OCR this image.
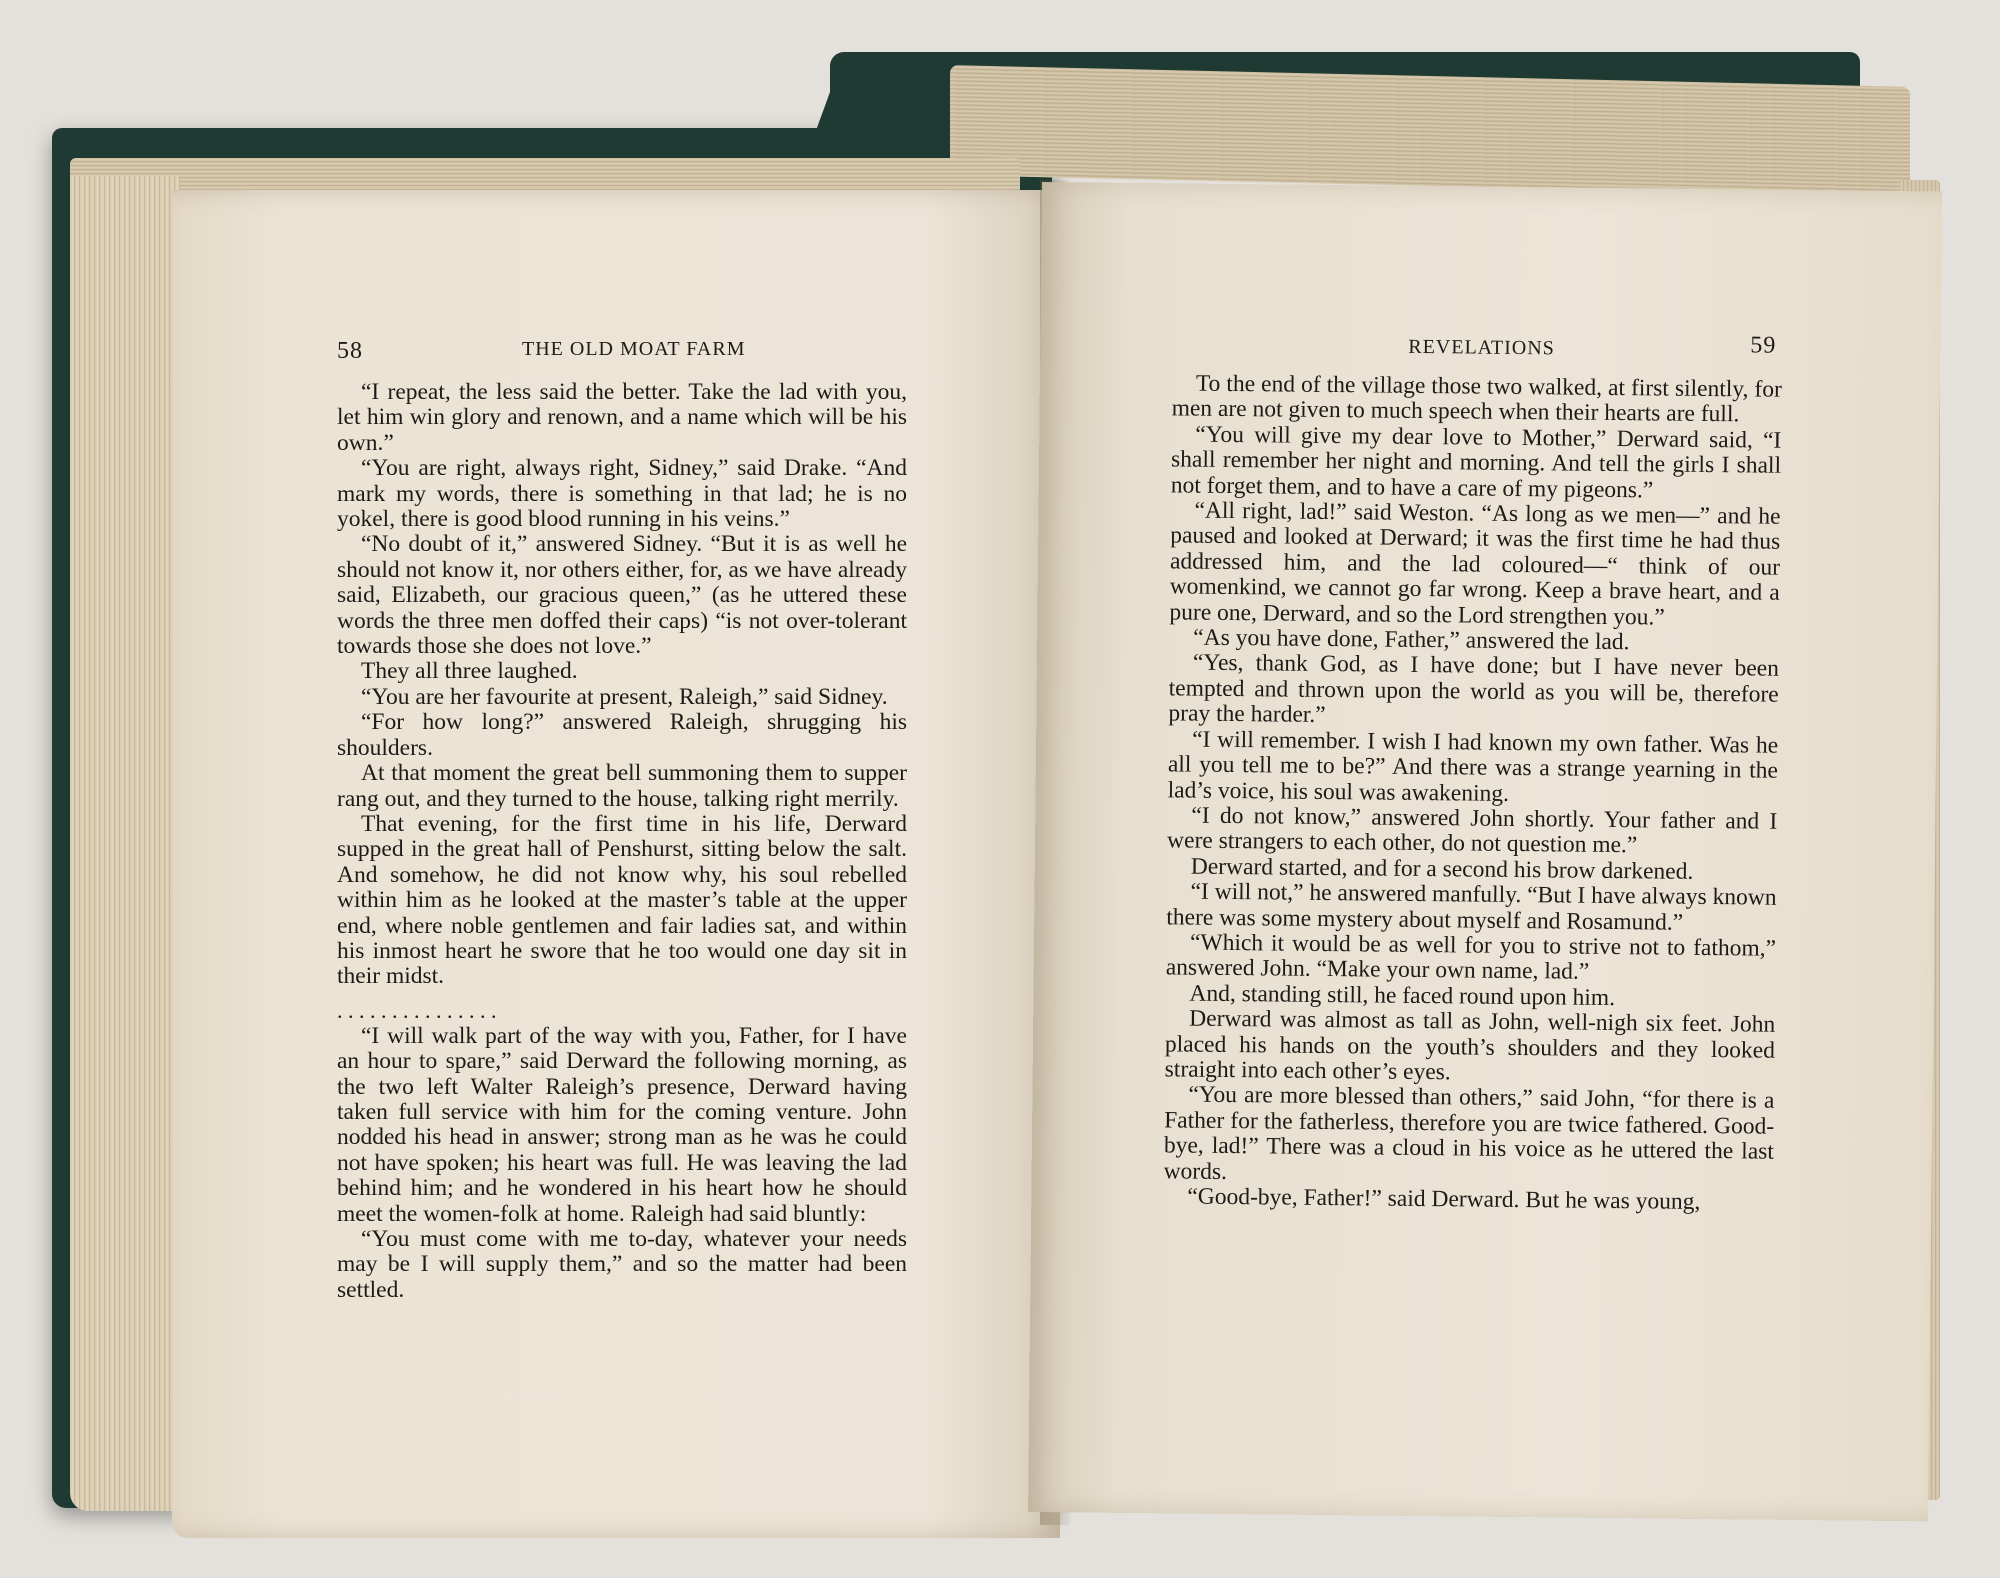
58	THE OLD MOAT FARM

“I repeat, the less said the better. Take the lad with you, let him win glory and renown, and a name which will be his own.”

“You are right, always right, Sidney,” said Drake. “And mark my words, there is something in that lad; he is no yokel, there is good blood running in his veins.”

“No doubt of it,” answered Sidney. “But it is as well he should not know it, nor others either, for, as we have already said, Elizabeth, our gracious queen,” (as he uttered these words the three men doffed their caps) “is not over-tolerant towards those she does not love.”

They all three laughed.

“You are her favourite at present, Raleigh,” said Sidney.

“For how long?” answered Raleigh, shrugging his shoulders.

At that moment the great bell summoning them to supper rang out, and they turned to the house, talking right merrily.

That evening, for the first time in his life, Derward supped in the great hall of Penshurst, sitting below the salt. And somehow, he did not know why, his soul rebelled within him as he looked at the master’s table at the upper end, where noble gentlemen and fair ladies sat, and within his inmost heart he swore that he too would one day sit in their midst.

. . . . . . . . . . . . . . .

“I will walk part of the way with you, Father, for I have an hour to spare,” said Derward the following morning, as the two left Walter Raleigh’s presence, Derward having taken full service with him for the coming venture. John nodded his head in answer; strong man as he was he could not have spoken; his heart was full. He was leaving the lad behind him; and he wondered in his heart how he should meet the women-folk at home. Raleigh had said bluntly:

“You must come with me to-day, whatever your needs may be I will supply them,” and so the matter had been settled.

REVELATIONS	59

To the end of the village those two walked, at first silently, for men are not given to much speech when their hearts are full.

“You will give my dear love to Mother,” Derward said, “I shall remember her night and morning. And tell the girls I shall not forget them, and to have a care of my pigeons.”

“All right, lad!” said Weston. “As long as we men—” and he paused and looked at Derward; it was the first time he had thus addressed him, and the lad coloured—“ think of our womenkind, we cannot go far wrong. Keep a brave heart, and a pure one, Derward, and so the Lord strengthen you.”

“As you have done, Father,” answered the lad.

“Yes, thank God, as I have done; but I have never been tempted and thrown upon the world as you will be, therefore pray the harder.”

“I will remember. I wish I had known my own father. Was he all you tell me to be?” And there was a strange yearning in the lad’s voice, his soul was awakening.

“I do not know,” answered John shortly. Your father and I were strangers to each other, do not question me.”

Derward started, and for a second his brow darkened.

“I will not,” he answered manfully. “But I have always known there was some mystery about myself and Rosamund.”

“Which it would be as well for you to strive not to fathom,” answered John. “Make your own name, lad.”

And, standing still, he faced round upon him.

Derward was almost as tall as John, well-nigh six feet. John placed his hands on the youth’s shoulders and they looked straight into each other’s eyes.

“You are more blessed than others,” said John, “for there is a Father for the fatherless, therefore you are twice fathered. Good-bye, lad!” There was a cloud in his voice as he uttered the last words.

“Good-bye, Father!” said Derward. But he was young,
